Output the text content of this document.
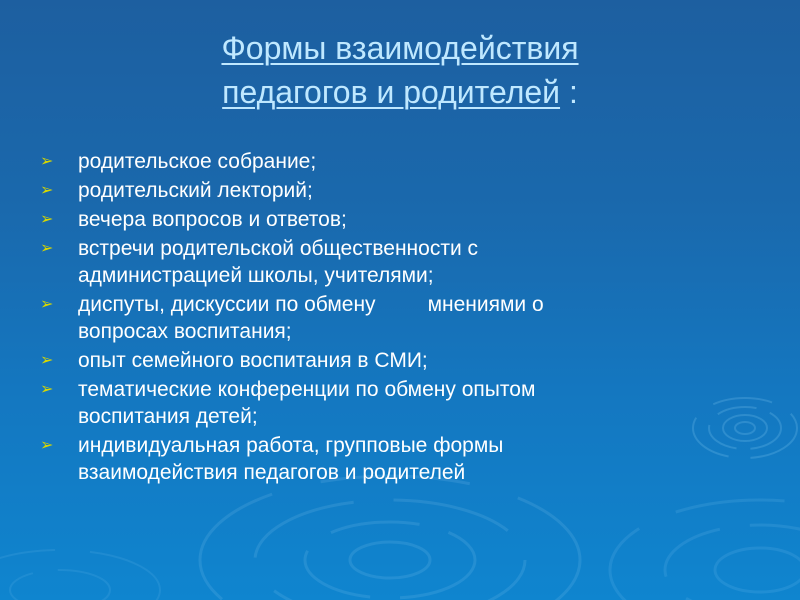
Формы взаимодействия
педагогов и родителей :
➢	родительское собрание;
➢	родительский лекторий;
➢	вечера вопросов и ответов;
➢	встречи родительской общественности с
администрацией школы, учителями;
➢	диспуты, дискуссии по обмену мнениями о
вопросах воспитания;
➢	опыт семейного воспитания в СМИ;
➢	тематические конференции по обмену опытом
воспитания детей;
➢	индивидуальная работа, групповые формы
взаимодействия педагогов и родителей
